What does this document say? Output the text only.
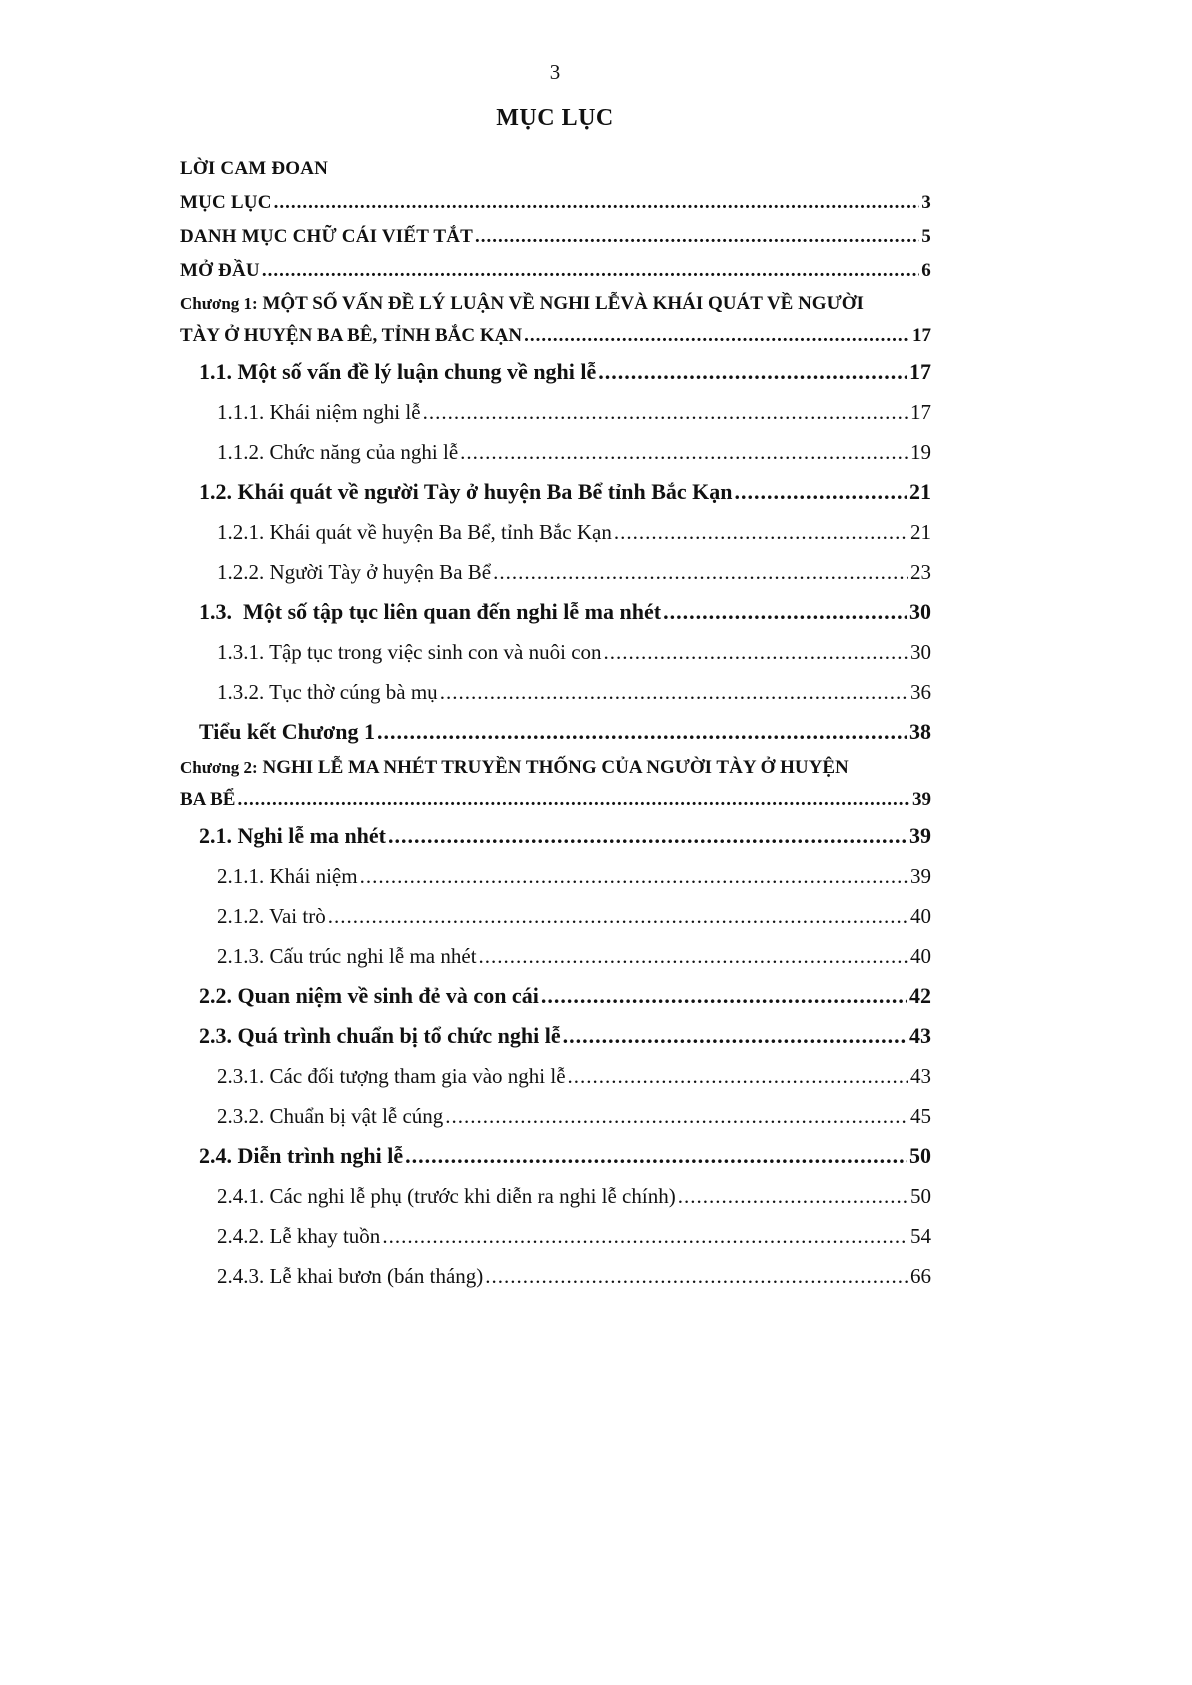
3
MỤC LỤC
LỜI CAM ĐOAN
MỤC LỤC .....	3
DANH MỤC CHỮ CÁI VIẾT TẮT .....	5
MỞ ĐẦU .....	6
Chương 1: MỘT SỐ VẤN ĐỀ LÝ LUẬN VỀ NGHI LỄVÀ KHÁI QUÁT VỀ NGƯỜI
TÀY Ở HUYỆN BA BÊ, TỈNH BẮC KẠN .....	17
1.1. Một số vấn đề lý luận chung về nghi lễ .....	17
1.1.1. Khái niệm nghi lễ .....	17
1.1.2. Chức năng của nghi lễ .....	19
1.2. Khái quát về người Tày ở huyện Ba Bể tỉnh Bắc Kạn .....	21
1.2.1. Khái quát về huyện Ba Bể, tỉnh Bắc Kạn .....	21
1.2.2. Người Tày ở huyện Ba Bể .....	23
1.3.  Một số tập tục liên quan đến nghi lễ ma nhét .....	30
1.3.1. Tập tục trong việc sinh con và nuôi con .....	30
1.3.2. Tục thờ cúng bà mụ .....	36
Tiểu kết Chương 1 .....	38
Chương 2: NGHI LỄ MA NHÉT TRUYỀN THỐNG CỦA NGƯỜI TÀY Ở HUYỆN
BA BỂ .....	39
2.1. Nghi lễ ma nhét .....	39
2.1.1. Khái niệm .....	39
2.1.2. Vai trò .....	40
2.1.3. Cấu trúc nghi lễ ma nhét .....	40
2.2. Quan niệm về sinh đẻ và con cái .....	42
2.3. Quá trình chuẩn bị tổ chức nghi lễ .....	43
2.3.1. Các đối tượng tham gia vào nghi lễ .....	43
2.3.2. Chuẩn bị vật lễ cúng .....	45
2.4. Diễn trình nghi lễ .....	50
2.4.1. Các nghi lễ phụ (trước khi diễn ra nghi lễ chính) .....	50
2.4.2. Lễ khay tuồn .....	54
2.4.3. Lễ khai bươn (bán tháng) .....	66
